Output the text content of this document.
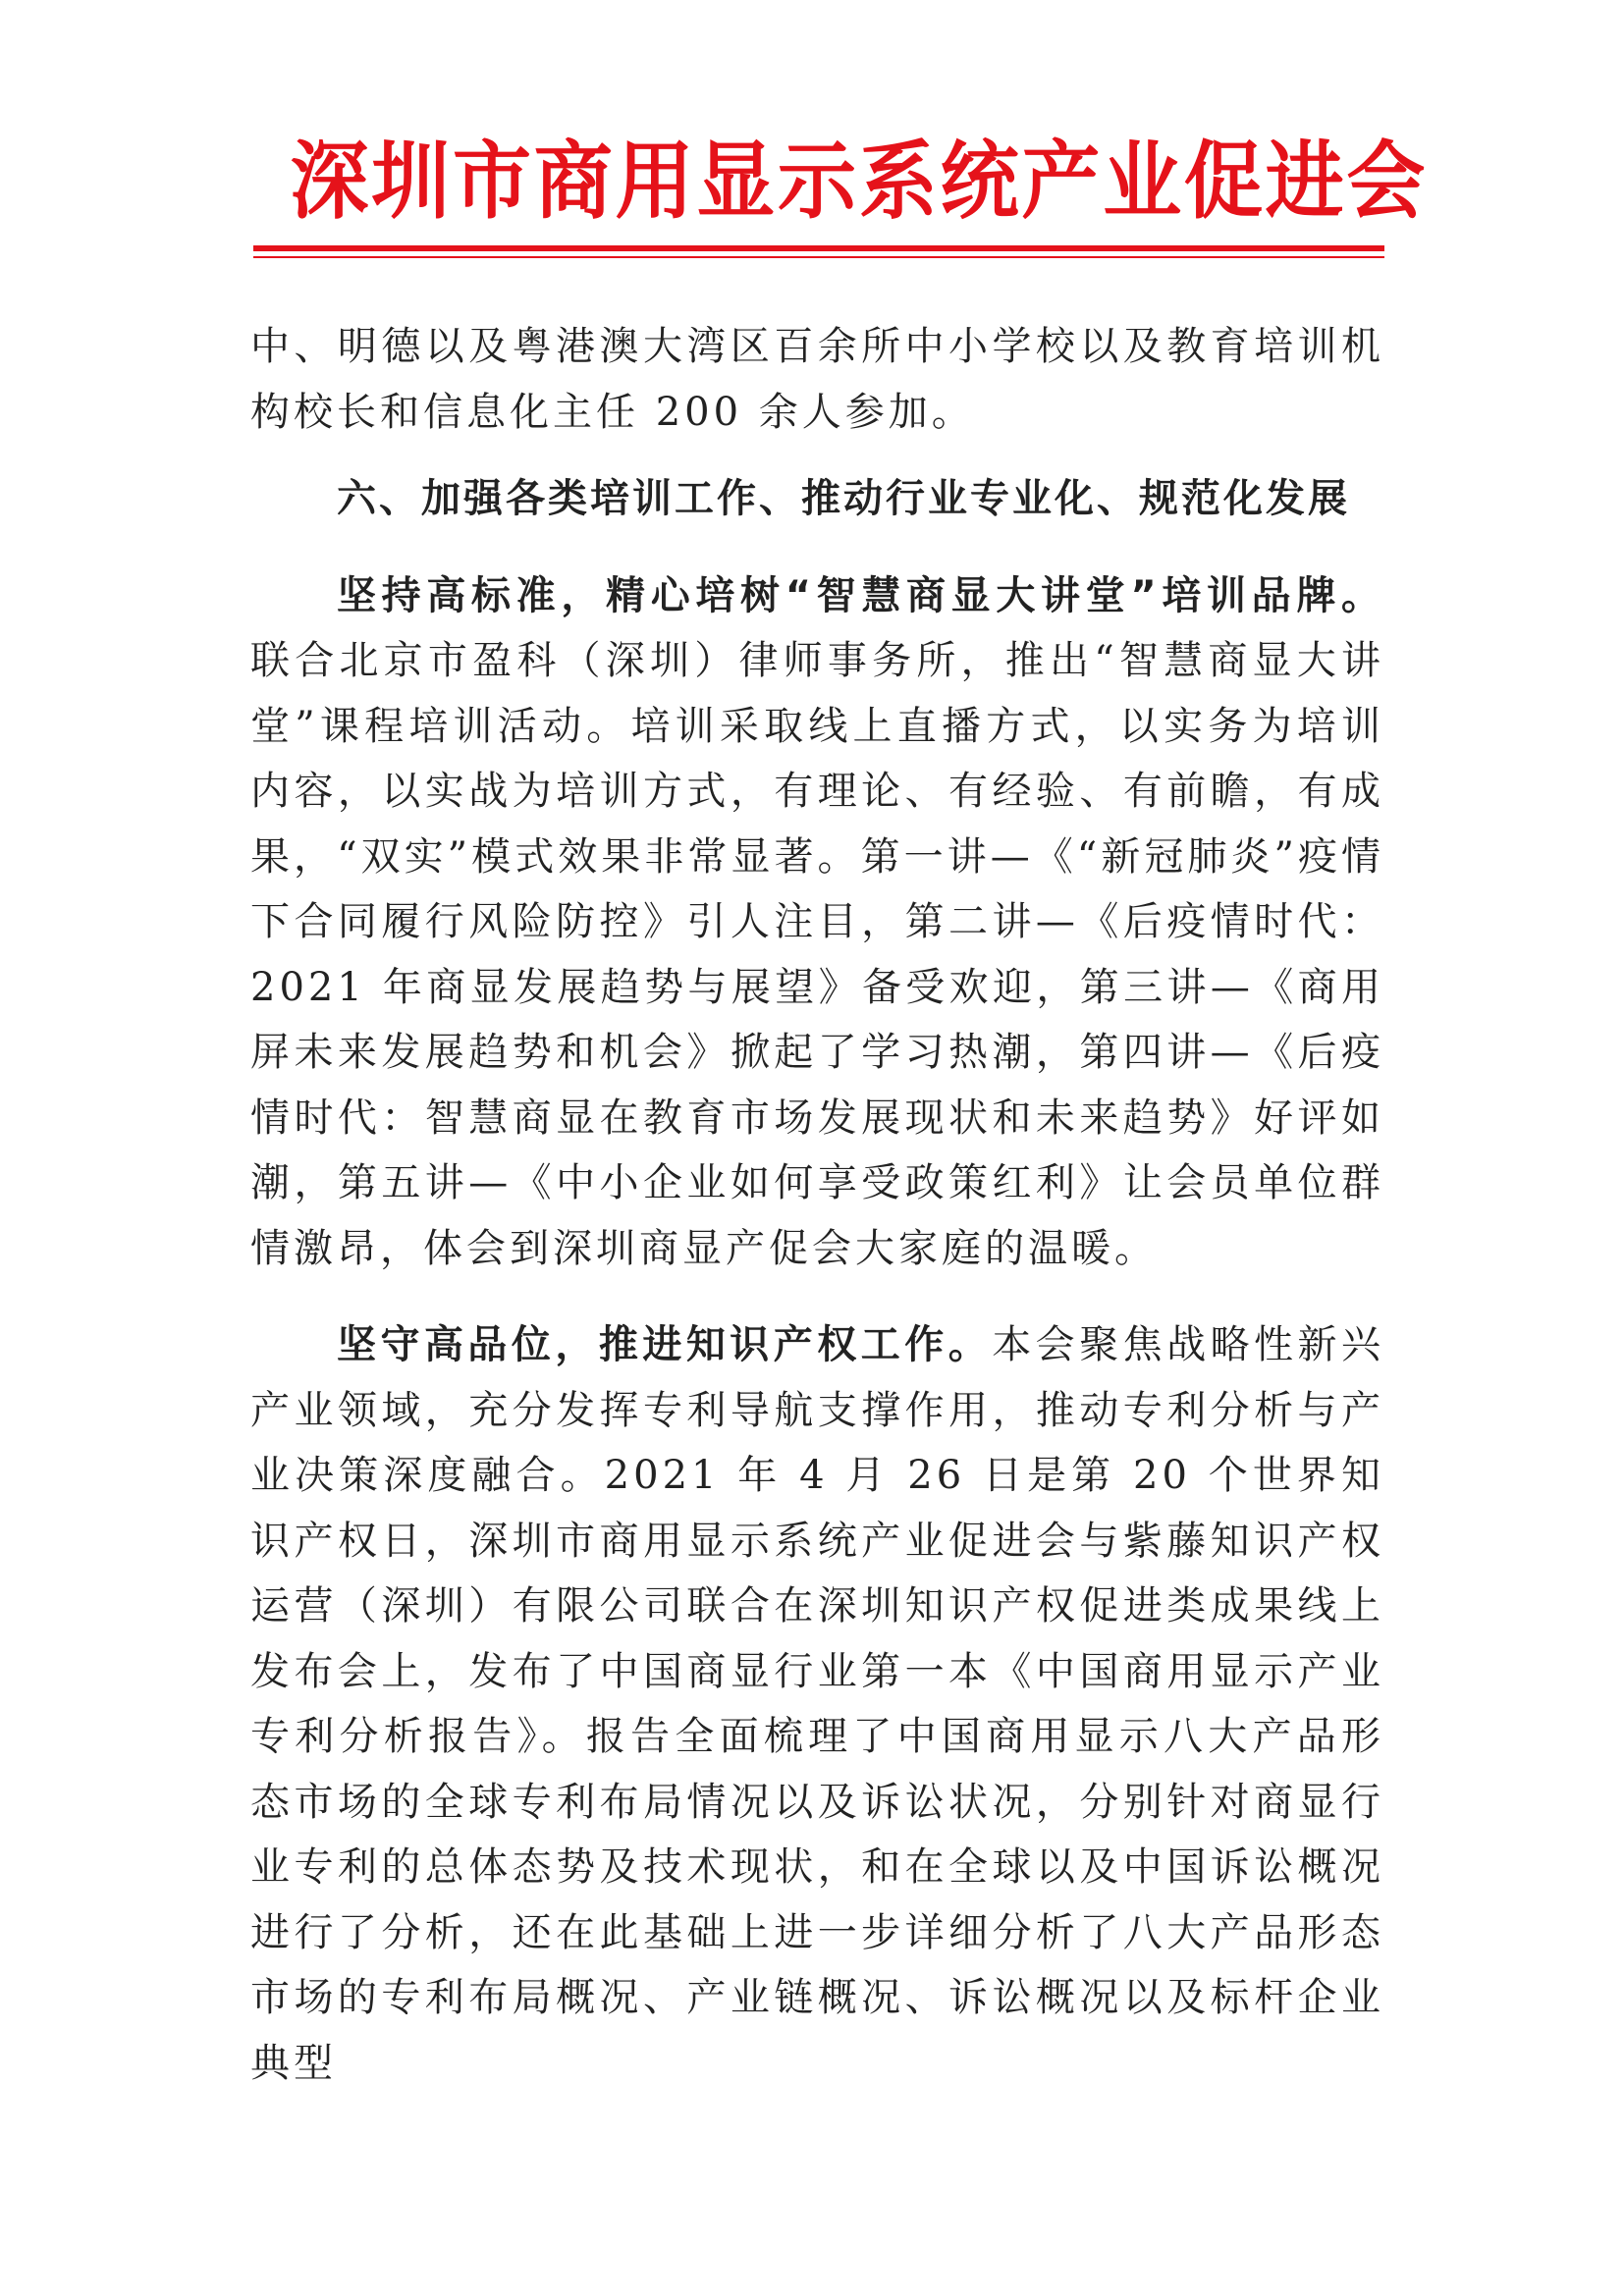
深圳市商用显示系统产业促进会

中、明德以及粤港澳大湾区百余所中小学校以及教育培训机构校长和信息化主任 200 余人参加。

六、加强各类培训工作、推动行业专业化、规范化发展

坚持高标准，精心培树“智慧商显大讲堂”培训品牌。联合北京市盈科（深圳）律师事务所，推出“智慧商显大讲堂”课程培训活动。培训采取线上直播方式，以实务为培训内容，以实战为培训方式，有理论、有经验、有前瞻，有成果，“双实”模式效果非常显著。第一讲—《“新冠肺炎”疫情下合同履行风险防控》引人注目，第二讲—《后疫情时代：2021 年商显发展趋势与展望》备受欢迎，第三讲—《商用屏未来发展趋势和机会》掀起了学习热潮，第四讲—《后疫情时代：智慧商显在教育市场发展现状和未来趋势》好评如潮，第五讲—《中小企业如何享受政策红利》让会员单位群情激昂，体会到深圳商显产促会大家庭的温暖。

坚守高品位，推进知识产权工作。本会聚焦战略性新兴产业领域，充分发挥专利导航支撑作用，推动专利分析与产业决策深度融合。2021 年 4 月 26 日是第 20 个世界知识产权日，深圳市商用显示系统产业促进会与紫藤知识产权运营（深圳）有限公司联合在深圳知识产权促进类成果线上发布会上，发布了中国商显行业第一本《中国商用显示产业专利分析报告》。报告全面梳理了中国商用显示八大产品形态市场的全球专利布局情况以及诉讼状况，分别针对商显行业专利的总体态势及技术现状，和在全球以及中国诉讼概况进行了分析，还在此基础上进一步详细分析了八大产品形态市场的专利布局概况、产业链概况、诉讼概况以及标杆企业典型
